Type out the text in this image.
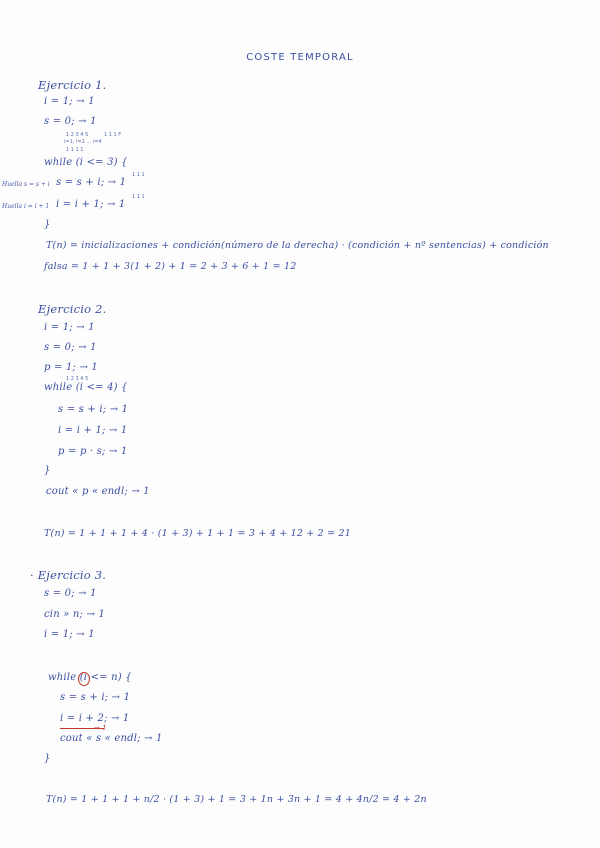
COSTE TEMPORAL
Ejercicio 1.
i = 1; → 1
s = 0; → 1
1 2 3 4 5
i=1; i=2 ... i=4
1 1 1 1
1 1 1 F
while (i <= 3) {
Huella s = s + i s = s + i; → 1
1 1 1
Huella i = i + 1 i = i + 1; → 1
1 1 1
}
T(n) = inicializaciones + condición(número de la derecha) · (condición + nº sentencias) + condición
falsa = 1 + 1 + 3(1 + 2) + 1 = 2 + 3 + 6 + 1 = 12
Ejercicio 2.
i = 1; → 1
s = 0; → 1
p = 1; → 1
1 2 3 4 5
while (i <= 4) {
s = s + i; → 1
i = i + 1; → 1
p = p · s; → 1
}
cout « p « endl; → 1
T(n) = 1 + 1 + 1 + 4 · (1 + 3) + 1 + 1 = 3 + 4 + 12 + 2 = 21
· Ejercicio 3.
s = 0; → 1
cin » n; → 1
i = 1; → 1
while (i <= n) {
s = s + i; → 1
i = i + 2; → 1
→ 1
cout « s « endl; → 1
}
T(n) = 1 + 1 + 1 + n/2 · (1 + 3) + 1 = 3 + 1n + 3n + 1 = 4 + 4n/2 = 4 + 2n
